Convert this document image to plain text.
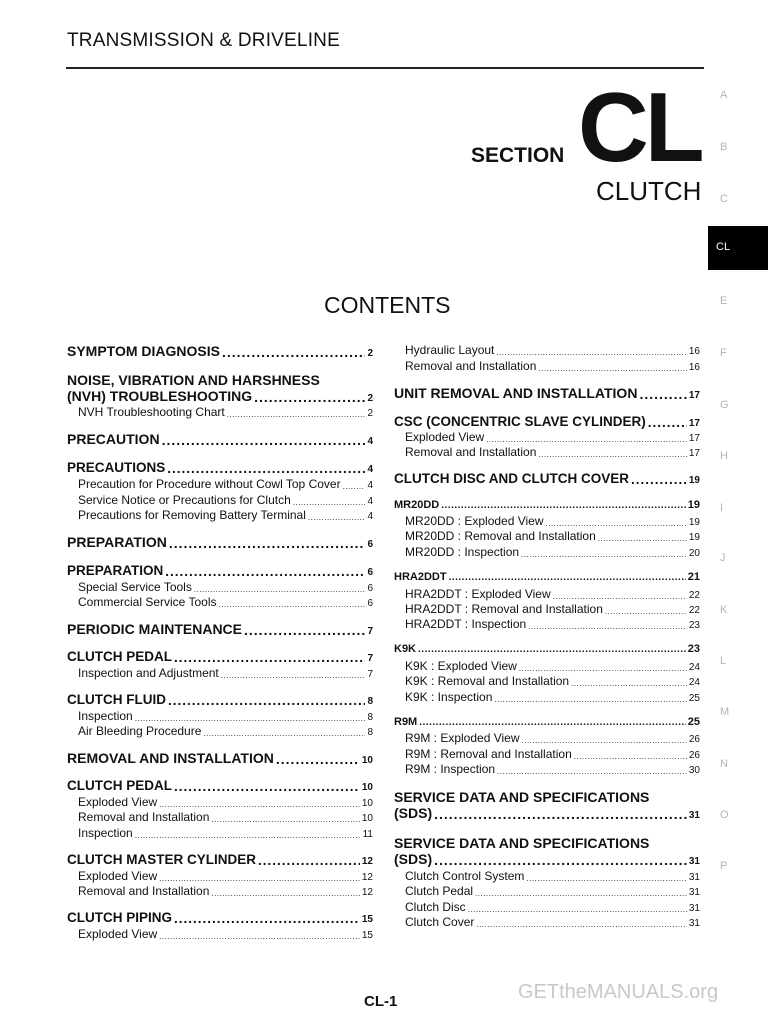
TRANSMISSION & DRIVELINE
SECTION CL
CLUTCH
CONTENTS
A
B
C
CL
E
F
G
H
I
J
K
L
M
N
O
P
SYMPTOM DIAGNOSIS .....	2
NOISE, VIBRATION AND HARSHNESS
(NVH) TROUBLESHOOTING .....	2
NVH Troubleshooting Chart .....	2
PRECAUTION .....	4
PRECAUTIONS .....	4
Precaution for Procedure without Cowl Top Cover .....	4
Service Notice or Precautions for Clutch .....	4
Precautions for Removing Battery Terminal .....	4
PREPARATION .....	6
PREPARATION .....	6
Special Service Tools .....	6
Commercial Service Tools .....	6
PERIODIC MAINTENANCE .....	7
CLUTCH PEDAL .....	7
Inspection and Adjustment .....	7
CLUTCH FLUID .....	8
Inspection .....	8
Air Bleeding Procedure .....	8
REMOVAL AND INSTALLATION .....	10
CLUTCH PEDAL .....	10
Exploded View .....	10
Removal and Installation .....	10
Inspection .....	11
CLUTCH MASTER CYLINDER .....	12
Exploded View .....	12
Removal and Installation .....	12
CLUTCH PIPING .....	15
Exploded View .....	15
Hydraulic Layout .....	16
Removal and Installation .....	16
UNIT REMOVAL AND INSTALLATION .....	17
CSC (CONCENTRIC SLAVE CYLINDER) .....	17
Exploded View .....	17
Removal and Installation .....	17
CLUTCH DISC AND CLUTCH COVER .....	19
MR20DD .....	19
MR20DD : Exploded View .....	19
MR20DD : Removal and Installation .....	19
MR20DD : Inspection .....	20
HRA2DDT .....	21
HRA2DDT : Exploded View .....	22
HRA2DDT : Removal and Installation .....	22
HRA2DDT : Inspection .....	23
K9K .....	23
K9K : Exploded View .....	24
K9K : Removal and Installation .....	24
K9K : Inspection .....	25
R9M .....	25
R9M : Exploded View .....	26
R9M : Removal and Installation .....	26
R9M : Inspection .....	30
SERVICE DATA AND SPECIFICATIONS
(SDS) .....	31
SERVICE DATA AND SPECIFICATIONS
(SDS) .....	31
Clutch Control System .....	31
Clutch Pedal .....	31
Clutch Disc .....	31
Clutch Cover .....	31
CL-1	GETtheMANUALS.org
